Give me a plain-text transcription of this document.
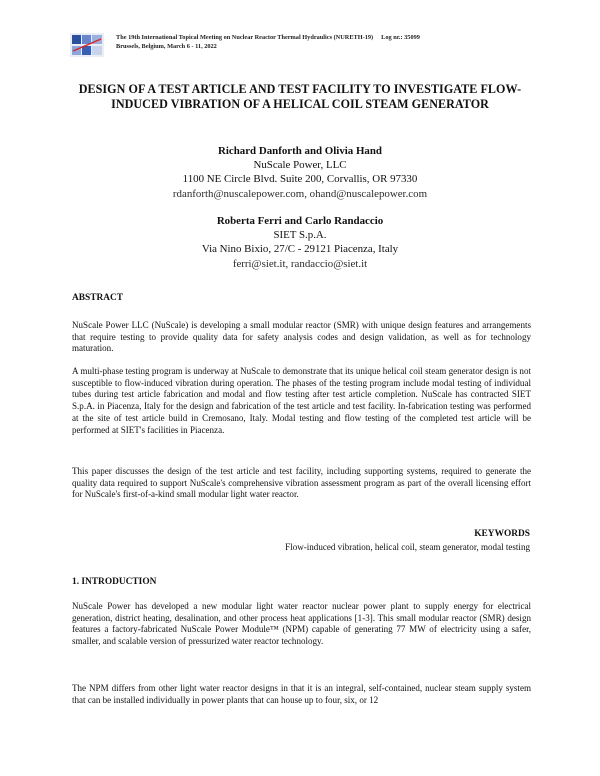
The 19th International Topical Meeting on Nuclear Reactor Thermal Hydraulics (NURETH-19) Log nr.: 35099
Brussels, Belgium, March 6 - 11, 2022
DESIGN OF A TEST ARTICLE AND TEST FACILITY TO INVESTIGATE FLOW-INDUCED VIBRATION OF A HELICAL COIL STEAM GENERATOR
Richard Danforth and Olivia Hand
NuScale Power, LLC
1100 NE Circle Blvd. Suite 200, Corvallis, OR 97330
rdanforth@nuscalepower.com, ohand@nuscalepower.com
Roberta Ferri and Carlo Randaccio
SIET S.p.A.
Via Nino Bixio, 27/C - 29121 Piacenza, Italy
ferri@siet.it, randaccio@siet.it
ABSTRACT

NuScale Power LLC (NuScale) is developing a small modular reactor (SMR) with unique design features and arrangements that require testing to provide quality data for safety analysis codes and design validation, as well as for technology maturation.

A multi-phase testing program is underway at NuScale to demonstrate that its unique helical coil steam generator design is not susceptible to flow-induced vibration during operation. The phases of the testing program include modal testing of individual tubes during test article fabrication and modal and flow testing after test article completion. NuScale has contracted SIET S.p.A. in Piacenza, Italy for the design and fabrication of the test article and test facility. In-fabrication testing was performed at the site of test article build in Cremosano, Italy. Modal testing and flow testing of the completed test article will be performed at SIET's facilities in Piacenza.

This paper discusses the design of the test article and test facility, including supporting systems, required to generate the quality data required to support NuScale's comprehensive vibration assessment program as part of the overall licensing effort for NuScale's first-of-a-kind small modular light water reactor.

KEYWORDS
Flow-induced vibration, helical coil, steam generator, modal testing
1. INTRODUCTION

NuScale Power has developed a new modular light water reactor nuclear power plant to supply energy for electrical generation, district heating, desalination, and other process heat applications [1-3]. This small modular reactor (SMR) design features a factory-fabricated NuScale Power Module™ (NPM) capable of generating 77 MW of electricity using a safer, smaller, and scalable version of pressurized water reactor technology.

The NPM differs from other light water reactor designs in that it is an integral, self-contained, nuclear steam supply system that can be installed individually in power plants that can house up to four, six, or 12
